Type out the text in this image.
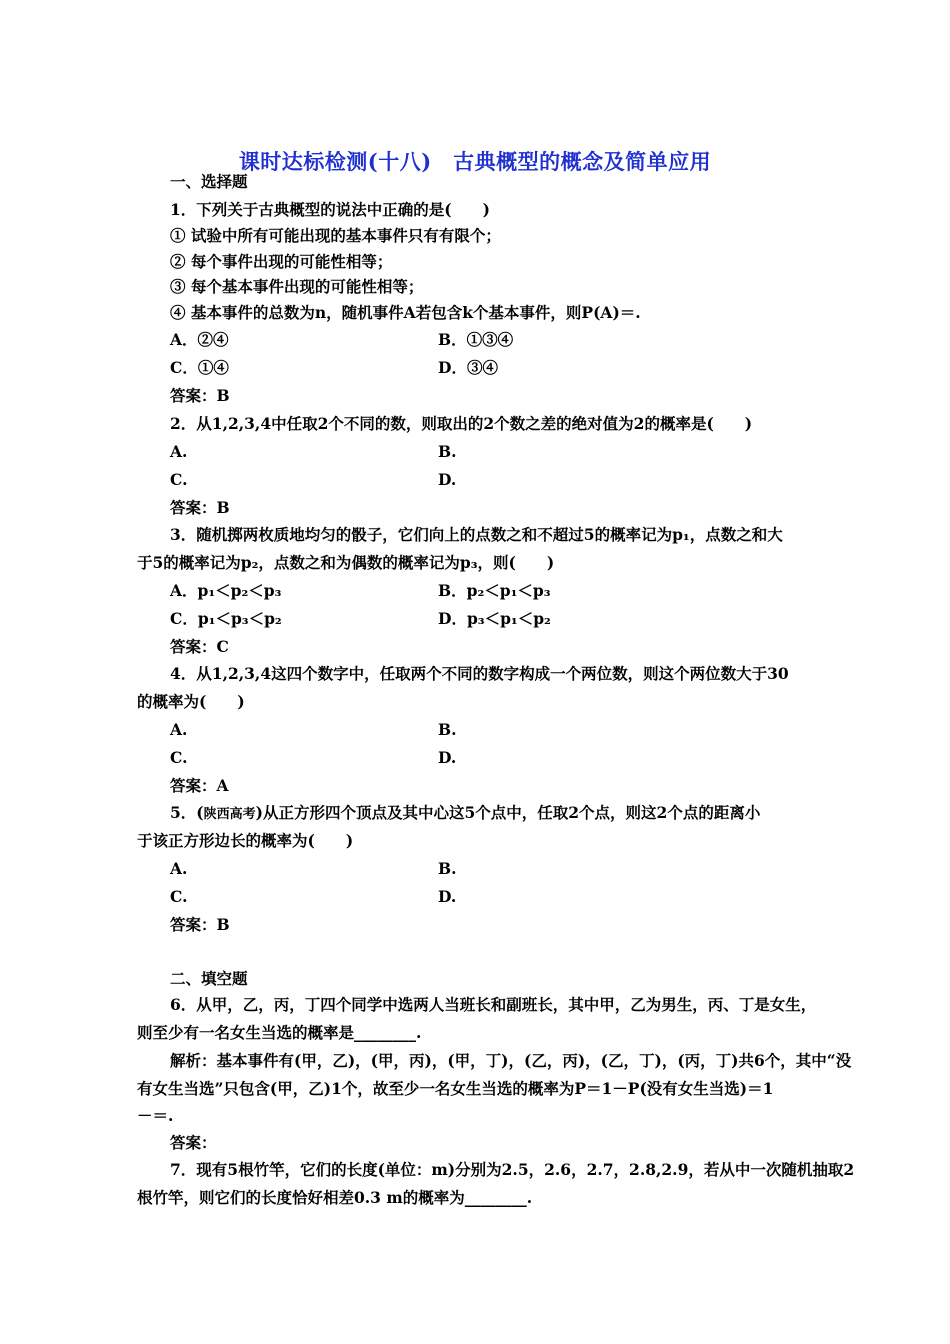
课时达标检测(十八)　古典概型的概念及简单应用
一、选择题
1．下列关于古典概型的说法中正确的是(　　)
① 试验中所有可能出现的基本事件只有有限个；
② 每个事件出现的可能性相等；
③ 每个基本事件出现的可能性相等；
④ 基本事件的总数为n，随机事件A若包含k个基本事件，则P(A)＝.
A．②④	B．①③④
C．①④	D．③④
答案：B
2．从1,2,3,4中任取2个不同的数，则取出的2个数之差的绝对值为2的概率是(　　)
A.	B.
C.	D.
答案：B
3．随机掷两枚质地均匀的骰子，它们向上的点数之和不超过5的概率记为p₁，点数之和大
于5的概率记为p₂，点数之和为偶数的概率记为p₃，则(　　)
A．p₁＜p₂＜p₃	B．p₂＜p₁＜p₃
C．p₁＜p₃＜p₂	D．p₃＜p₁＜p₂
答案：C
4．从1,2,3,4这四个数字中，任取两个不同的数字构成一个两位数，则这个两位数大于30
的概率为(　　)
A.	B.
C.	D.
答案：A
5．(陕西高考)从正方形四个顶点及其中心这5个点中，任取2个点，则这2个点的距离小
于该正方形边长的概率为(　　)
A.	B.
C.	D.
答案：B
二、填空题
6．从甲，乙，丙，丁四个同学中选两人当班长和副班长，其中甲，乙为男生，丙、丁是女生，
则至少有一名女生当选的概率是________.
解析：基本事件有(甲，乙)，(甲，丙)，(甲，丁)，(乙，丙)，(乙，丁)，(丙，丁)共6个，其中“没
有女生当选”只包含(甲，乙)1个，故至少一名女生当选的概率为P＝1－P(没有女生当选)＝1
－＝.
答案：
7．现有5根竹竿，它们的长度(单位：m)分别为2.5，2.6，2.7，2.8,2.9，若从中一次随机抽取2
根竹竿，则它们的长度恰好相差0.3 m的概率为________.
